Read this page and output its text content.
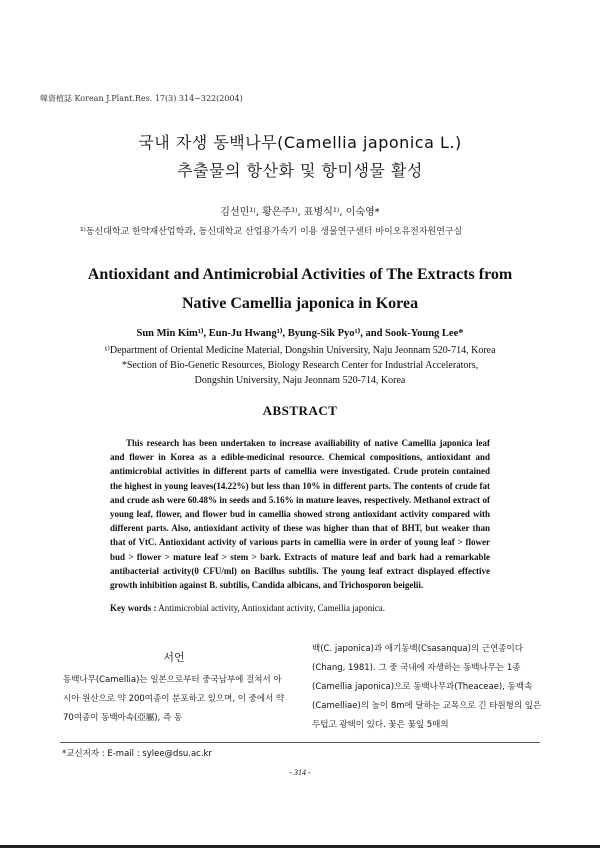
韓資植誌 Korean J.Plant.Res. 17(3) 314~322(2004)
국내 자생 동백나무(Camellia japonica L.)
추출물의 항산화 및 항미생물 활성
김선민¹⁾, 황은주¹⁾, 표병식¹⁾, 이숙영*
¹⁾동신대학교 한약재산업학과, 동신대학교 산업용가속기 이용 생물연구센터 바이오유전자원연구실
Antioxidant and Antimicrobial Activities of The Extracts from
Native Camellia japonica in Korea
Sun Min Kim¹⁾, Eun-Ju Hwang¹⁾, Byung-Sik Pyo¹⁾, and Sook-Young Lee*
¹⁾Department of Oriental Medicine Material, Dongshin University, Naju Jeonnam 520-714, Korea
*Section of Bio-Genetic Resources, Biology Research Center for Industrial Accelerators,
Dongshin University, Naju Jeonnam 520-714, Korea
ABSTRACT
This research has been undertaken to increase availiability of native Camellia japonica leaf and flower in Korea as a edible-medicinal resource. Chemical compositions, antioxidant and antimicrobial activities in different parts of camellia were investigated. Crude protein contained the highest in young leaves(14.22%) but less than 10% in different parts. The contents of crude fat and crude ash were 60.48% in seeds and 5.16% in mature leaves, respectively. Methanol extract of young leaf, flower, and flower bud in camellia showed strong antioxidant activity compared with different parts. Also, antioxidant activity of these was higher than that of BHT, but weaker than that of VtC. Antioxidant activity of various parts in camellia were in order of young leaf > flower bud > flower > mature leaf > stem > bark. Extracts of mature leaf and bark had a remarkable antibacterial activity(0 CFU/ml) on Bacillus subtilis. The young leaf extract displayed effective growth inhibition against B. subtilis, Candida albicans, and Trichosporon beigelii.
Key words : Antimicrobial activity, Antioxidant activity, Camellia japonica.
서언
동백나무(Camellia)는 일본으로부터 중국남부에 걸쳐서 아시아 원산으로 약 200여종이 분포하고 있으며, 이 중에서 약 70여종이 동백아속(亞屬), 즉 동
백(C. japonica)과 애기동백(Csasanqua)의 근연종이다(Chang, 1981). 그 중 국내에 자생하는 동백나무는 1종(Camellia japonica)으로 동백나무과(Theaceae), 동백속(Camelliae)의 높이 8m에 달하는 교목으로 긴 타원형의 잎은 두텁고 광택이 있다. 꽃은 꽃잎 5매의
*교신저자 : E-mail : sylee@dsu.ac.kr
- 314 -
